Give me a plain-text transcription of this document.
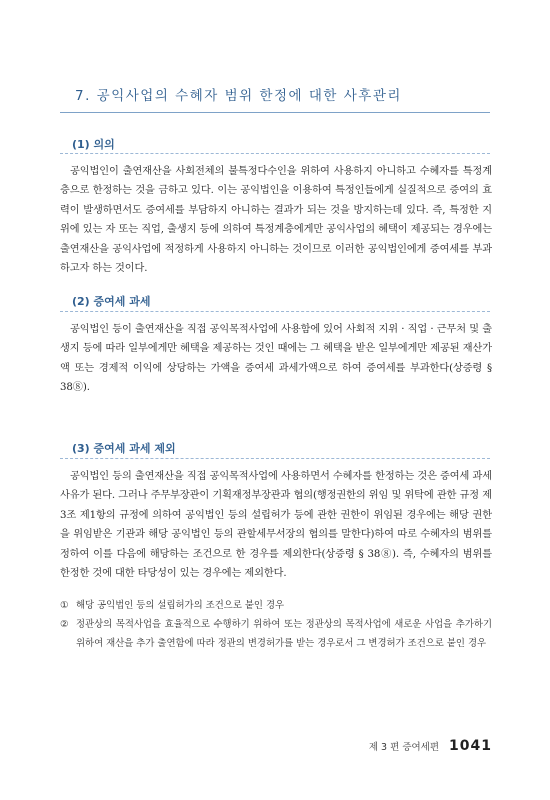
7. 공익사업의 수혜자 범위 한정에 대한 사후관리
(1) 의의

공익법인이 출연재산을 사회전체의 불특정다수인을 위하여 사용하지 아니하고 수혜자를 특정계층으로 한정하는 것을 금하고 있다. 이는 공익법인을 이용하여 특정인들에게 실질적으로 증여의 효력이 발생하면서도 증여세를 부담하지 아니하는 결과가 되는 것을 방지하는데 있다. 즉, 특정한 지위에 있는 자 또는 직업, 출생지 등에 의하여 특정계층에게만 공익사업의 혜택이 제공되는 경우에는 출연재산을 공익사업에 적정하게 사용하지 아니하는 것이므로 이러한 공익법인에게 증여세를 부과하고자 하는 것이다.

(2) 증여세 과세

공익법인 등이 출연재산을 직접 공익목적사업에 사용함에 있어 사회적 지위 · 직업 · 근무처 및 출생지 등에 따라 일부에게만 혜택을 제공하는 것인 때에는 그 혜택을 받은 일부에게만 제공된 재산가액 또는 경제적 이익에 상당하는 가액을 증여세 과세가액으로 하여 증여세를 부과한다(상증령 § 38⑧).

(3) 증여세 과세 제외

공익법인 등의 출연재산을 직접 공익목적사업에 사용하면서 수혜자를 한정하는 것은 증여세 과세사유가 된다. 그러나 주무부장관이 기획재정부장관과 협의(행정권한의 위임 및 위탁에 관한 규정 제3조 제1항의 규정에 의하여 공익법인 등의 설립허가 등에 관한 권한이 위임된 경우에는 해당 권한을 위임받은 기관과 해당 공익법인 등의 관할세무서장의 협의를 말한다)하여 따로 수혜자의 범위를 정하여 이를 다음에 해당하는 조건으로 한 경우를 제외한다(상증령 § 38⑧). 즉, 수혜자의 범위를 한정한 것에 대한 타당성이 있는 경우에는 제외한다.

① 해당 공익법인 등의 설립허가의 조건으로 붙인 경우
② 정관상의 목적사업을 효율적으로 수행하기 위하여 또는 정관상의 목적사업에 새로운 사업을 추가하기 위하여 재산을 추가 출연함에 따라 정관의 변경허가를 받는 경우로서 그 변경허가 조건으로 붙인 경우
제 3 편 증여세편 1041
